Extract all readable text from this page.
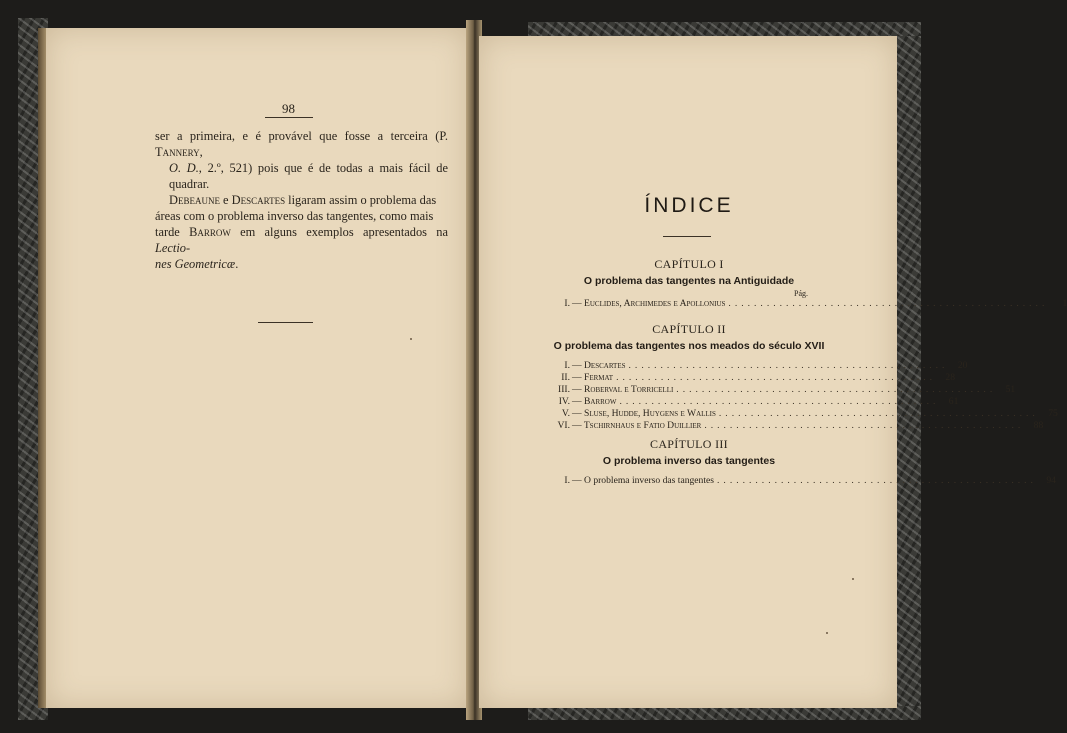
98
ser a primeira, e é provável que fosse a terceira (P. Tannery,
O. D., 2.º, 521) pois que é de todas a mais fácil de quadrar.
Debeaune e Descartes ligaram assim o problema das
áreas com o problema inverso das tangentes, como mais
tarde Barrow em alguns exemplos apresentados na Lectio-
nes Geometricæ.
ÍNDICE
CAPÍTULO I
O problema das tangentes na Antiguidade
Pág.
I. — Euclides, Archimedes e Apollonius ..................................................	1
CAPÍTULO II
O problema das tangentes nos meados do século XVII
I. — Descartes .................................................. 20
II. — Fermat .................................................. 28
III. — Roberval e Torricelli .................................................. 51
IV. — Barrow .................................................. 61
V. — Sluse, Hudde, Huygens e Wallis .................................................. 75
VI. — Tschirnhaus e Fatio Duillier .................................................. 88
CAPÍTULO III
O problema inverso das tangentes
I. — O problema inverso das tangentes .................................................. 94
